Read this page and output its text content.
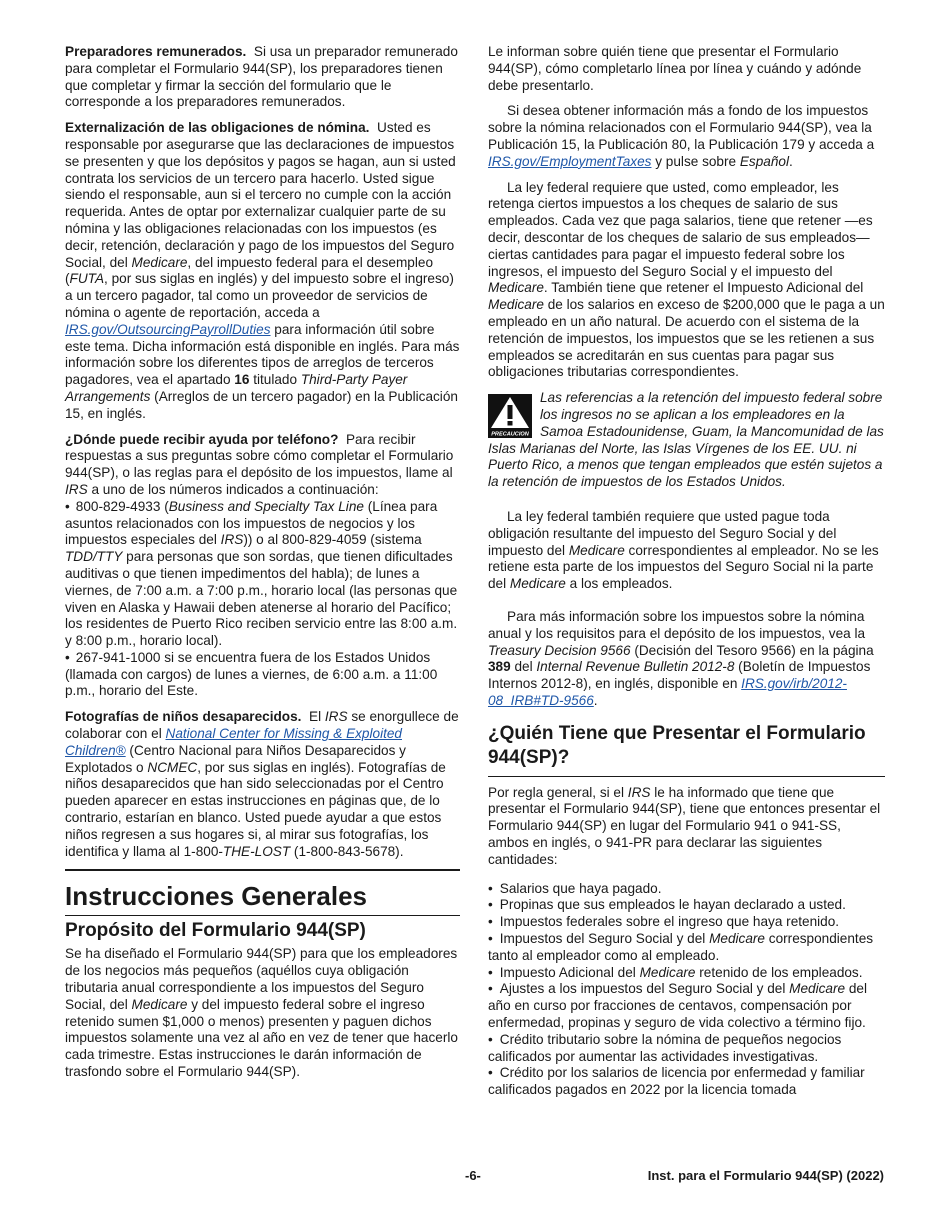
Preparadores remunerados. Si usa un preparador remunerado para completar el Formulario 944(SP), los preparadores tienen que completar y firmar la sección del formulario que le corresponde a los preparadores remunerados.

Externalización de las obligaciones de nómina. Usted es responsable por asegurarse que las declaraciones de impuestos se presenten y que los depósitos y pagos se hagan, aun si usted contrata los servicios de un tercero para hacerlo. Usted sigue siendo el responsable, aun si el tercero no cumple con la acción requerida. Antes de optar por externalizar cualquier parte de su nómina y las obligaciones relacionadas con los impuestos (es decir, retención, declaración y pago de los impuestos del Seguro Social, del Medicare, del impuesto federal para el desempleo (FUTA, por sus siglas en inglés) y del impuesto sobre el ingreso) a un tercero pagador, tal como un proveedor de servicios de nómina o agente de reportación, acceda a IRS.gov/OutsourcingPayrollDuties para información útil sobre este tema. Dicha información está disponible en inglés. Para más información sobre los diferentes tipos de arreglos de terceros pagadores, vea el apartado 16 titulado Third-Party Payer Arrangements (Arreglos de un tercero pagador) en la Publicación 15, en inglés.

¿Dónde puede recibir ayuda por teléfono? Para recibir respuestas a sus preguntas sobre cómo completar el Formulario 944(SP), o las reglas para el depósito de los impuestos, llame al IRS a uno de los números indicados a continuación:

• 800-829-4933 (Business and Specialty Tax Line (Línea para asuntos relacionados con los impuestos de negocios y los impuestos especiales del IRS)) o al 800-829-4059 (sistema TDD/TTY para personas que son sordas, que tienen dificultades auditivas o que tienen impedimentos del habla); de lunes a viernes, de 7:00 a.m. a 7:00 p.m., horario local (las personas que viven en Alaska y Hawaii deben atenerse al horario del Pacífico; los residentes de Puerto Rico reciben servicio entre las 8:00 a.m. y 8:00 p.m., horario local).

• 267-941-1000 si se encuentra fuera de los Estados Unidos (llamada con cargos) de lunes a viernes, de 6:00 a.m. a 11:00 p.m., horario del Este.

Fotografías de niños desaparecidos. El IRS se enorgullece de colaborar con el National Center for Missing & Exploited Children® (Centro Nacional para Niños Desaparecidos y Explotados o NCMEC, por sus siglas en inglés). Fotografías de niños desaparecidos que han sido seleccionadas por el Centro pueden aparecer en estas instrucciones en páginas que, de lo contrario, estarían en blanco. Usted puede ayudar a que estos niños regresen a sus hogares si, al mirar sus fotografías, los identifica y llama al 1-800-THE-LOST (1-800-843-5678).

Instrucciones Generales
Propósito del Formulario 944(SP)

Se ha diseñado el Formulario 944(SP) para que los empleadores de los negocios más pequeños (aquéllos cuya obligación tributaria anual correspondiente a los impuestos del Seguro Social, del Medicare y del impuesto federal sobre el ingreso retenido sumen $1,000 o menos) presenten y paguen dichos impuestos solamente una vez al año en vez de tener que hacerlo cada trimestre. Estas instrucciones le darán información de trasfondo sobre el Formulario 944(SP).

Le informan sobre quién tiene que presentar el Formulario 944(SP), cómo completarlo línea por línea y cuándo y adónde debe presentarlo.

Si desea obtener información más a fondo de los impuestos sobre la nómina relacionados con el Formulario 944(SP), vea la Publicación 15, la Publicación 80, la Publicación 179 y acceda a IRS.gov/EmploymentTaxes y pulse sobre Español.

La ley federal requiere que usted, como empleador, les retenga ciertos impuestos a los cheques de salario de sus empleados. Cada vez que paga salarios, tiene que retener —es decir, descontar de los cheques de salario de sus empleados— ciertas cantidades para pagar el impuesto federal sobre los ingresos, el impuesto del Seguro Social y el impuesto del Medicare. También tiene que retener el Impuesto Adicional del Medicare de los salarios en exceso de $200,000 que le paga a un empleado en un año natural. De acuerdo con el sistema de la retención de impuestos, los impuestos que se les retienen a sus empleados se acreditarán en sus cuentas para pagar sus obligaciones tributarias correspondientes.

PRECAUCION
Las referencias a la retención del impuesto federal sobre los ingresos no se aplican a los empleadores en la Samoa Estadounidense, Guam, la Mancomunidad de las Islas Marianas del Norte, las Islas Vírgenes de los EE. UU. ni Puerto Rico, a menos que tengan empleados que estén sujetos a la retención de impuestos de los Estados Unidos.

La ley federal también requiere que usted pague toda obligación resultante del impuesto del Seguro Social y del impuesto del Medicare correspondientes al empleador. No se les retiene esta parte de los impuestos del Seguro Social ni la parte del Medicare a los empleados.

Para más información sobre los impuestos sobre la nómina anual y los requisitos para el depósito de los impuestos, vea la Treasury Decision 9566 (Decisión del Tesoro 9566) en la página 389 del Internal Revenue Bulletin 2012-8 (Boletín de Impuestos Internos 2012-8), en inglés, disponible en IRS.gov/irb/2012-08_IRB#TD-9566.

¿Quién Tiene que Presentar el Formulario 944(SP)?

Por regla general, si el IRS le ha informado que tiene que presentar el Formulario 944(SP), tiene que entonces presentar el Formulario 944(SP) en lugar del Formulario 941 o 941-SS, ambos en inglés, o 941-PR para declarar las siguientes cantidades:

• Salarios que haya pagado.
• Propinas que sus empleados le hayan declarado a usted.
• Impuestos federales sobre el ingreso que haya retenido.
• Impuestos del Seguro Social y del Medicare correspondientes tanto al empleador como al empleado.
• Impuesto Adicional del Medicare retenido de los empleados.
• Ajustes a los impuestos del Seguro Social y del Medicare del año en curso por fracciones de centavos, compensación por enfermedad, propinas y seguro de vida colectivo a término fijo.
• Crédito tributario sobre la nómina de pequeños negocios calificados por aumentar las actividades investigativas.
• Crédito por los salarios de licencia por enfermedad y familiar calificados pagados en 2022 por la licencia tomada
-6-	Inst. para el Formulario 944(SP) (2022)
